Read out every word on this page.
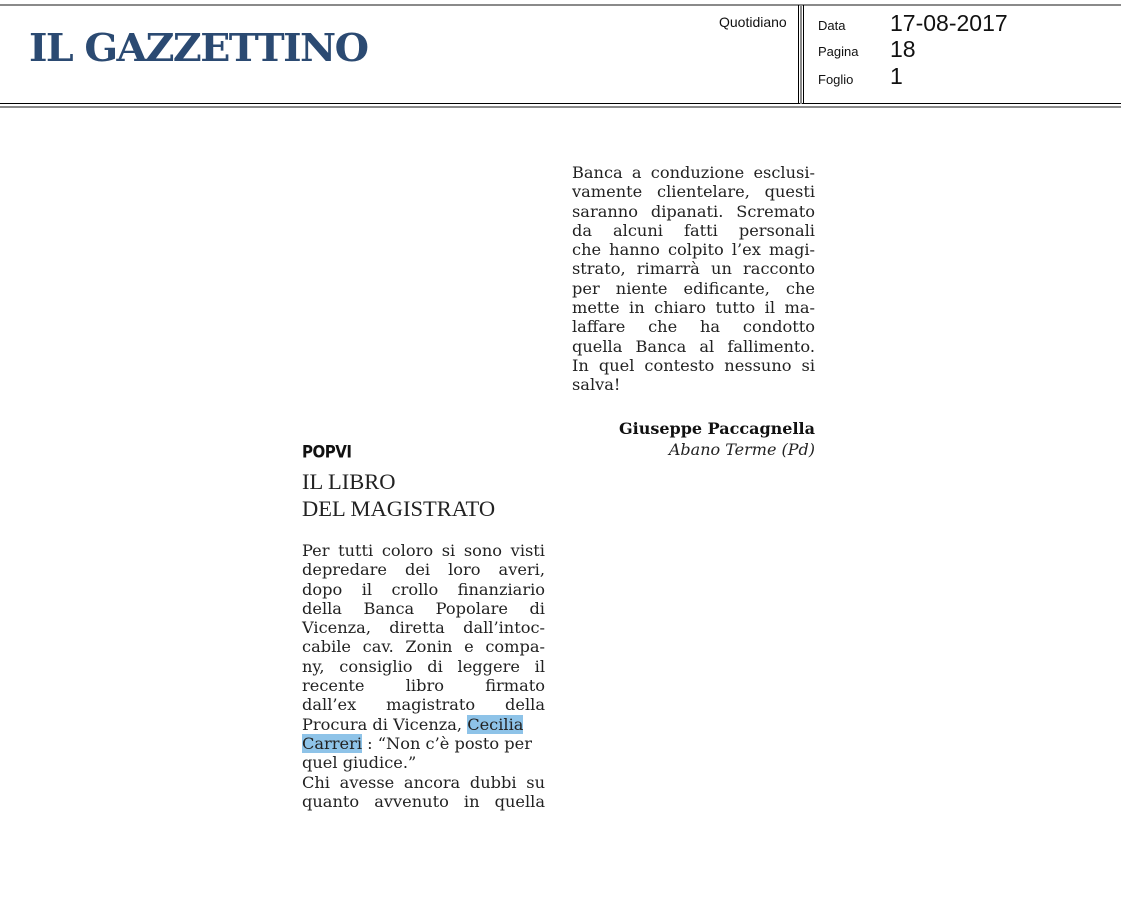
IL GAZZETTINO
Quotidiano Data 17-08-2017
Pagina 18
Foglio 1
Banca a conduzione esclusi-
vamente clientelare, questi
saranno dipanati. Scremato
da alcuni fatti personali
che hanno colpito l’ex magi-
strato, rimarrà un racconto
per niente edificante, che
mette in chiaro tutto il ma-
laffare che ha condotto
quella Banca al fallimento.
In quel contesto nessuno si
salva!
Giuseppe Paccagnella
Abano Terme (Pd)
POPVI
IL LIBRO
DEL MAGISTRATO
Per tutti coloro si sono visti
depredare dei loro averi,
dopo il crollo finanziario
della Banca Popolare di
Vicenza, diretta dall’intoc-
cabile cav. Zonin e compa-
ny, consiglio di leggere il
recente libro firmato
dall’ex magistrato della
Procura di Vicenza, Cecilia
Carreri : “Non c’è posto per
quel giudice.”
Chi avesse ancora dubbi su
quanto avvenuto in quella
